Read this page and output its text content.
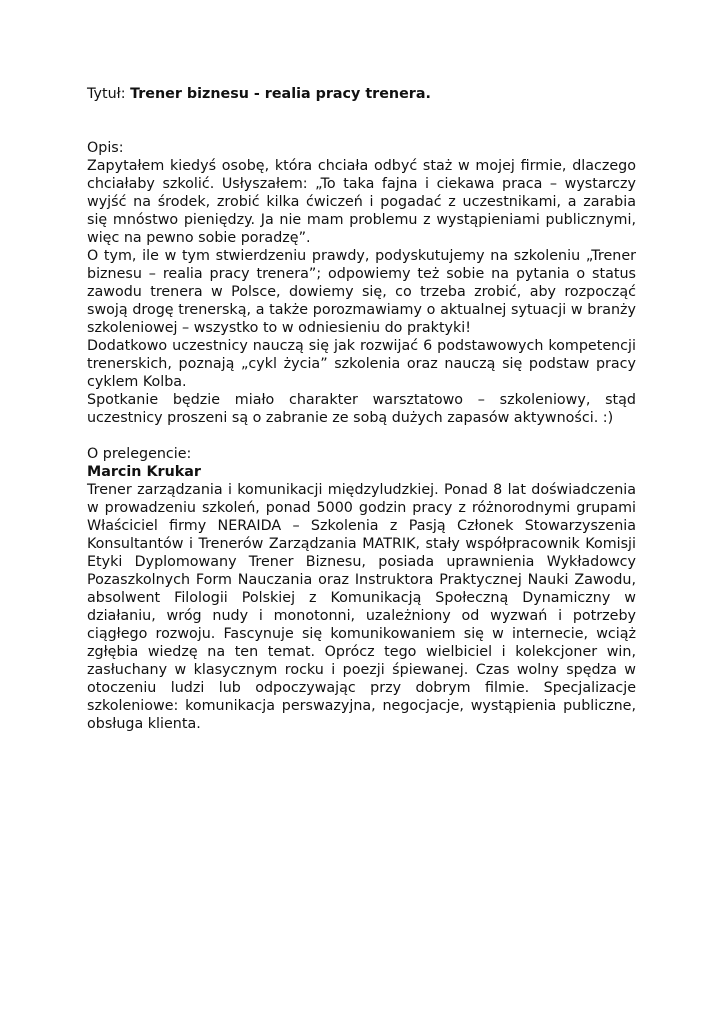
Tytuł: Trener biznesu - realia pracy trenera.

Opis:

Zapytałem kiedyś osobę, która chciała odbyć staż w mojej firmie, dlaczego chciałaby szkolić. Usłyszałem: „To taka fajna i ciekawa praca – wystarczy wyjść na środek, zrobić kilka ćwiczeń i pogadać z uczestnikami, a zarabia się mnóstwo pieniędzy. Ja nie mam problemu z wystąpieniami publicznymi, więc na pewno sobie poradzę”.

O tym, ile w tym stwierdzeniu prawdy, podyskutujemy na szkoleniu „Trener biznesu – realia pracy trenera”; odpowiemy też sobie na pytania o status zawodu trenera w Polsce, dowiemy się, co trzeba zrobić, aby rozpocząć swoją drogę trenerską, a także porozmawiamy o aktualnej sytuacji w branży szkoleniowej – wszystko to w odniesieniu do praktyki!

Dodatkowo uczestnicy nauczą się jak rozwijać 6 podstawowych kompetencji trenerskich, poznają „cykl życia” szkolenia oraz nauczą się podstaw pracy cyklem Kolba.

Spotkanie będzie miało charakter warsztatowo – szkoleniowy, stąd uczestnicy proszeni są o zabranie ze sobą dużych zapasów aktywności. :)

O prelegencie:

Marcin Krukar

Trener zarządzania i komunikacji międzyludzkiej. Ponad 8 lat doświadczenia w prowadzeniu szkoleń, ponad 5000 godzin pracy z różnorodnymi grupami Właściciel firmy NERAIDA – Szkolenia z Pasją Członek Stowarzyszenia Konsultantów i Trenerów Zarządzania MATRIK, stały współpracownik Komisji Etyki Dyplomowany Trener Biznesu, posiada uprawnienia Wykładowcy Pozaszkolnych Form Nauczania oraz Instruktora Praktycznej Nauki Zawodu, absolwent Filologii Polskiej z Komunikacją Społeczną Dynamiczny w działaniu, wróg nudy i monotonni, uzależniony od wyzwań i potrzeby ciągłego rozwoju. Fascynuje się komunikowaniem się w internecie, wciąż zgłębia wiedzę na ten temat. Oprócz tego wielbiciel i kolekcjoner win, zasłuchany w klasycznym rocku i poezji śpiewanej. Czas wolny spędza w otoczeniu ludzi lub odpoczywając przy dobrym filmie. Specjalizacje szkoleniowe: komunikacja perswazyjna, negocjacje, wystąpienia publiczne, obsługa klienta.
